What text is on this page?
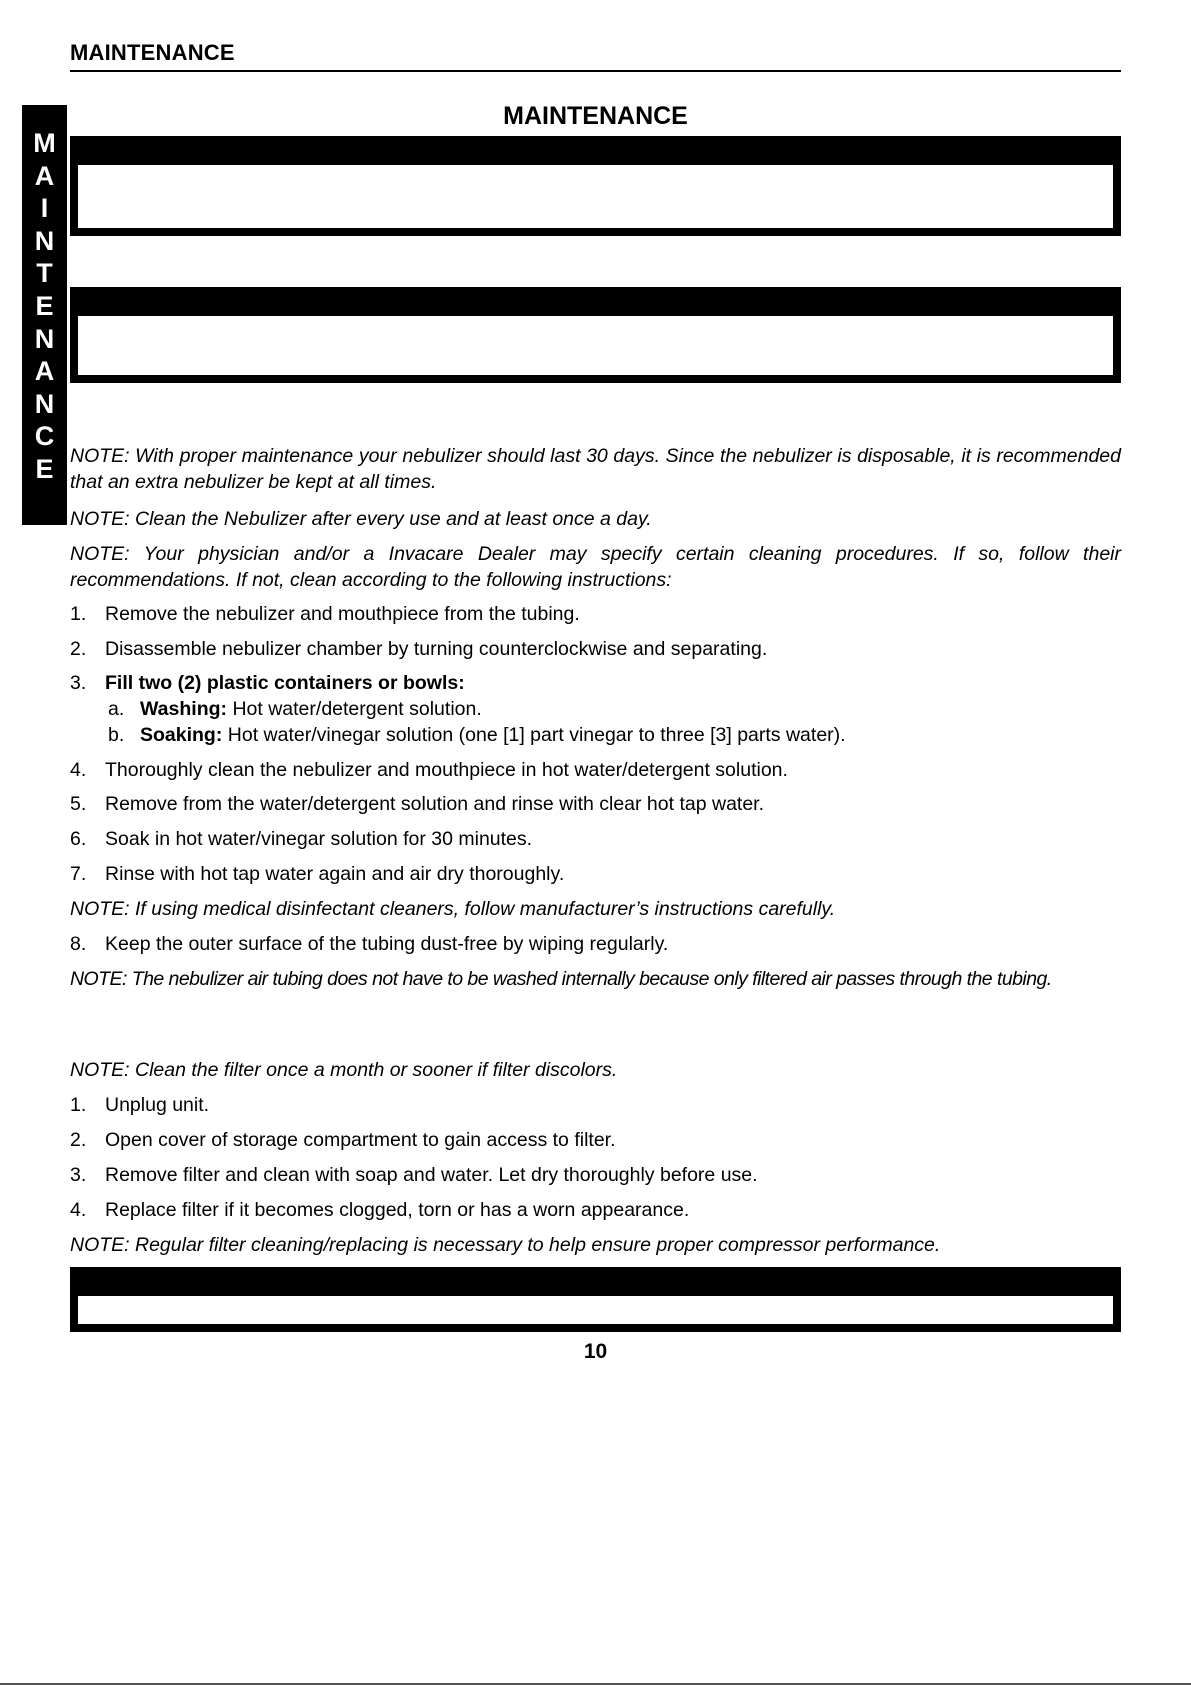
MAINTENANCE
M
A
I
N
T
E
N
A
N
C
E
MAINTENANCE

NOTE: With proper maintenance your nebulizer should last 30 days. Since the nebulizer is disposable, it is recommended that an extra nebulizer be kept at all times.

NOTE: Clean the Nebulizer after every use and at least once a day.

NOTE: Your physician and/or a Invacare Dealer may specify certain cleaning procedures. If so, follow their recommendations. If not, clean according to the following instructions:

1. Remove the nebulizer and mouthpiece from the tubing.
2. Disassemble nebulizer chamber by turning counterclockwise and separating.
3. Fill two (2) plastic containers or bowls:
a. Washing: Hot water/detergent solution.
b. Soaking: Hot water/vinegar solution (one [1] part vinegar to three [3] parts water).
4. Thoroughly clean the nebulizer and mouthpiece in hot water/detergent solution.
5. Remove from the water/detergent solution and rinse with clear hot tap water.
6. Soak in hot water/vinegar solution for 30 minutes.
7. Rinse with hot tap water again and air dry thoroughly.

NOTE: If using medical disinfectant cleaners, follow manufacturer’s instructions carefully.

8. Keep the outer surface of the tubing dust-free by wiping regularly.

NOTE: The nebulizer air tubing does not have to be washed internally because only filtered air passes through the tubing.

NOTE: Clean the filter once a month or sooner if filter discolors.

1. Unplug unit.
2. Open cover of storage compartment to gain access to filter.
3. Remove filter and clean with soap and water. Let dry thoroughly before use.
4. Replace filter if it becomes clogged, torn or has a worn appearance.

NOTE: Regular filter cleaning/replacing is necessary to help ensure proper compressor performance.

10
